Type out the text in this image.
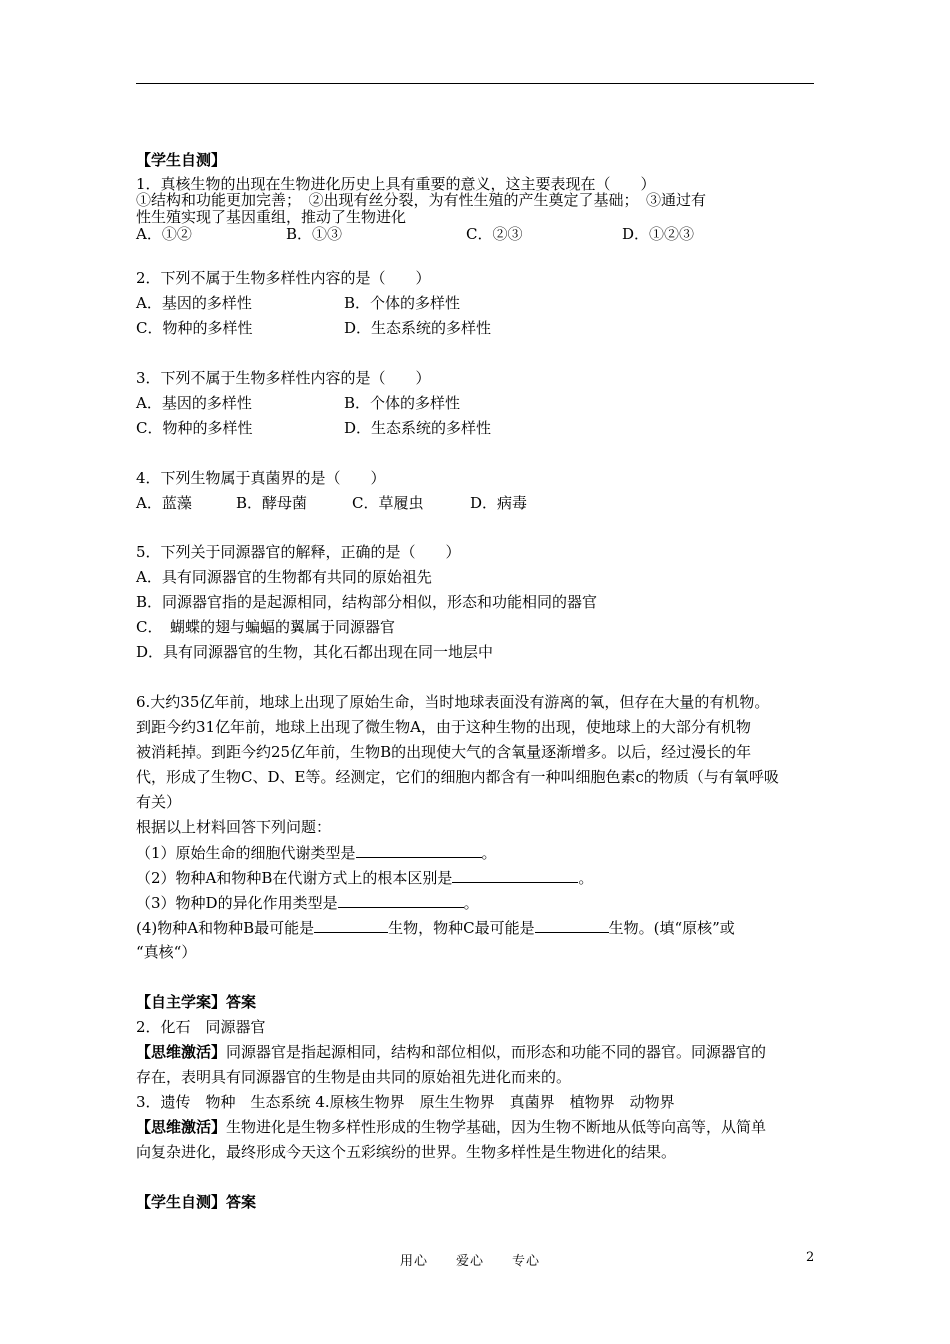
【学生自测】
1．真核生物的出现在生物进化历史上具有重要的意义，这主要表现在（　　）
①结构和功能更加完善；　②出现有丝分裂，为有性生殖的产生奠定了基础；　③通过有
性生殖实现了基因重组，推动了生物进化
A．①②	B．①③	C．②③	D．①②③
2．下列不属于生物多样性内容的是（　　）
A．基因的多样性	B．个体的多样性
C．物种的多样性	D．生态系统的多样性
3．下列不属于生物多样性内容的是（　　）
A．基因的多样性	B．个体的多样性
C．物种的多样性	D．生态系统的多样性
4．下列生物属于真菌界的是（　　）
A．蓝藻	B．酵母菌	C．草履虫	D．病毒
5．下列关于同源器官的解释，正确的是（　　）
A．具有同源器官的生物都有共同的原始祖先
B．同源器官指的是起源相同，结构部分相似，形态和功能相同的器官
C．　蝴蝶的翅与蝙蝠的翼属于同源器官
D．具有同源器官的生物，其化石都出现在同一地层中
6.大约35亿年前，地球上出现了原始生命，当时地球表面没有游离的氧，但存在大量的有机物。
到距今约31亿年前，地球上出现了微生物A，由于这种生物的出现，使地球上的大部分有机物
被消耗掉。到距今约25亿年前，生物B的出现使大气的含氧量逐渐增多。以后，经过漫长的年
代，形成了生物C、D、E等。经测定，它们的细胞内都含有一种叫细胞色素c的物质（与有氧呼吸
有关）
根据以上材料回答下列问题：
（1）原始生命的细胞代谢类型是	。
（2）物种A和物种B在代谢方式上的根本区别是	。
（3）物种D的异化作用类型是	。
(4)物种A和物种B最可能是	生物，物种C最可能是	生物。(填“原核”或
“真核“）
【自主学案】答案
2．化石　同源器官
【思维激活】同源器官是指起源相同，结构和部位相似，而形态和功能不同的器官。同源器官的
存在，表明具有同源器官的生物是由共同的原始祖先进化而来的。
3．遗传　物种　生态系统 4.原核生物界　原生生物界　真菌界　植物界　动物界
【思维激活】生物进化是生物多样性形成的生物学基础，因为生物不断地从低等向高等，从简单
向复杂进化，最终形成今天这个五彩缤纷的世界。生物多样性是生物进化的结果。
【学生自测】答案
用心　　爱心　　专心	2
